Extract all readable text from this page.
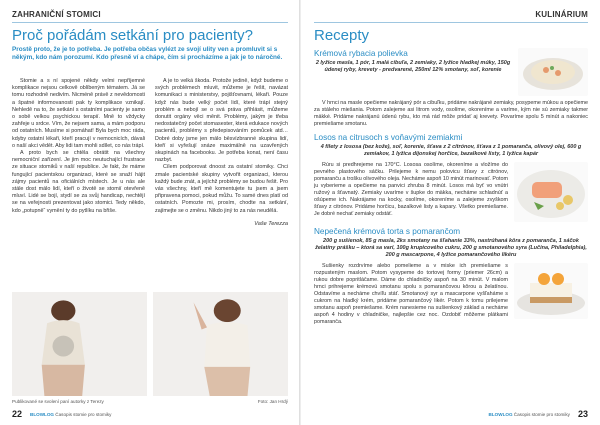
ZAHRANIČNÍ STOMICI
Proč pořádám setkání pro pacienty?
Prostě proto, že je to potřeba. Je potřeba občas vylézt ze svojí ulity ven a promluvit si s někým, kdo nám porozumí. Kdo přesně ví a chápe, čím si procházíme a jak je to náročné.

Stomie a s ní spojené někdy velmi nepříjemné komplikace nejsou celkově oblíbeným tématem. Já se tomu rozhodně nedivím. Nicméně právě z nevědomosti a špatné informovanosti pak ty komplikace vznikají. Nehledě na to, že setkání s ostatními pacienty je samo o sobě velkou psychickou terapií. Mně to vždycky zahřeje u srdce. Vím, že nejsem sama, a mám podporu od ostatních. Musíme si pomáhat! Byla bych moc ráda, kdyby ostatní lékaři, kteří pracují v nemocnicích, dávali o naší akci vědět. Aby lidi tam mohli sdílet, co nás trápí.

A proto bych se chtěla obrátit na všechny nemocniční zařízení. Je jim moc neutuchající frustrace ze situace stomiků v naší republice. Je fakt, že máme fungující pacientskou organizaci, které se snaží hájit zájmy pacientů na oficiálních místech. Je u nás ale stále dost málo lidí, kteří o životě se stomií otevřeně mluví. Lidé se bojí, stydí se za svůj handicap, nechtějí se na veřejnosti prezentovat jako stomici. Tedy někdo, kdo „potupně“ vymění ty do pytlíku na břiše.

A je to velká škoda. Protože jedině, když budeme o svých problémech mluvit, můžeme je řešit, navázat komunikaci s ministerstvy, pojišťovnami, lékaři. Pouze když nás bude velký počet lidí, které trápí stejný problém a nebojí se o svá práva přihlásit, můžeme donutit orgány věci měnit. Problémy, jakým je třeba nedostatečný počet stomasester, která edukace nových pacientů, problémy s předepisováním pomůcek atd… Dobré doby jsme jen málo běsvízbranné skupina lidí, kteří si vyřešují snáze maximálně na uzavřených skupinách na facebooku. Je potřeba konat, není času nazbyt.

Cílem podporovat dnoost za ostatní stomiky. Chci zmale pacientské skupiny vytvořit organizaci, kterou každý bude znát, a jejíchž problémy se budou řešit. Pro vás všechny, kteří mě komentujete tu jsem a jsem připravena pomoci, pokud můžu. To samé dnes platí od ostatních. Pomozte mi, prosím, chodte na setkání, zajímejte se o změnu. Nikdo jiný to za nás neudělá.

Vaše Terezza
Publikované se svolení paní autorky z Terezy	Foto: Jan Hrdý
22 BLOWLOG Časopis stomie pro stomiky
KULINÁRIUM
Recepty
Krémová rybacia polievka
2 lyžice masla, 1 pór, 1 malá cibuľa, 2 zemiaky, 2 lyžice hladkej múky, 150g údenej ryby, krevety - predvarené, 250ml 12% smotany, soľ, korenie
V hrnci na masle opečieme nakrájaný pór a cibuľku, pridáme nakrájané zemiaky, posypeme múkou a opečieme za stáleho miešania. Potom zalejeme asi litrom vody, osolíme, okoreníme a varíme, kým nie sú zemiaky takmer mäkké. Pridáme nakrájanú údenú rybu, kto má rád môže pridať aj krevety. Povaríme spolu 5 minút a nakoniec premiešame smotanu.
Losos na citrusoch s voňavými zemiakmi
4 filety z lososa (bez kože), soľ, korenie, šťava z 2 citrónov, šťava z 1 pomaranča, olivový olej, 600 g zemiakov, 1 lyžica dijonskej horčice, bazalkové listy, 1 lyžica kapár
Rúru si predhrejeme na 170°C. Lososa osolíme, okoreníme a vložíme do pevného plastového sáčku. Prilejeme k nemu polovicu šťavy z citrónov, pomaranču a trošku olivového oleja. Necháme aspoň 10 minút marinovať. Potom ju vyberieme a opečieme na panvici zhruba 8 minút. Losos má byť vo vnútri ružový a šťavnatý. Zemiaky uvaríme v šupke do mäkka, necháme schladnúť a ošúpeme ich. Nakrájame na kocky, osolíme, okoreníme a zalejeme zvyškom šťavy z citrónov. Pridáme horčicu, bazalkové listy a kapary. Všetko premiešame. Je dobré nechať zemiaky odstáť.
Nepečená krémová torta s pomarančom
200 g sušienok, 85 g masla, 2ks smotany na šľahanie 33%, nastrúhaná kôra z pomaranča, 1 sáčok želatíny prášku – ktorá sa varí, 100g krupicového cukru, 200 g smotanového syra (Lučina, Philadelphia), 200 g mascarpone, 4 lyžice pomarančového likéru
Sušienky rozdrvíme alebo pomelieme a v miske ich premiešame s rozpusteným maslom. Potom vysypeme do tortovej formy (priemer 26cm) a rukou dobre popritláčame. Dáme do chladničky aspoň na 30 minút. V malom hrnci prihrejeme krémovú smotanu spolu s pomarančovou kôrou a želatínou. Odstavíme a necháme chvíľu stáť. Smotanový syr a mascarpone vyšľaháme s cukrom na hladký krém, pridáme pomarančový likér. Potom k tomu prilejeme smotanu aspoň premiešame. Krém nanesieme na sušienkový základ a necháme aspoň 4 hodiny v chladničke, najlepšie cez noc. Ozdobiť môžeme plátkami pomaranča.
BLOWLOG Časopis stomie pro stomiky 23
